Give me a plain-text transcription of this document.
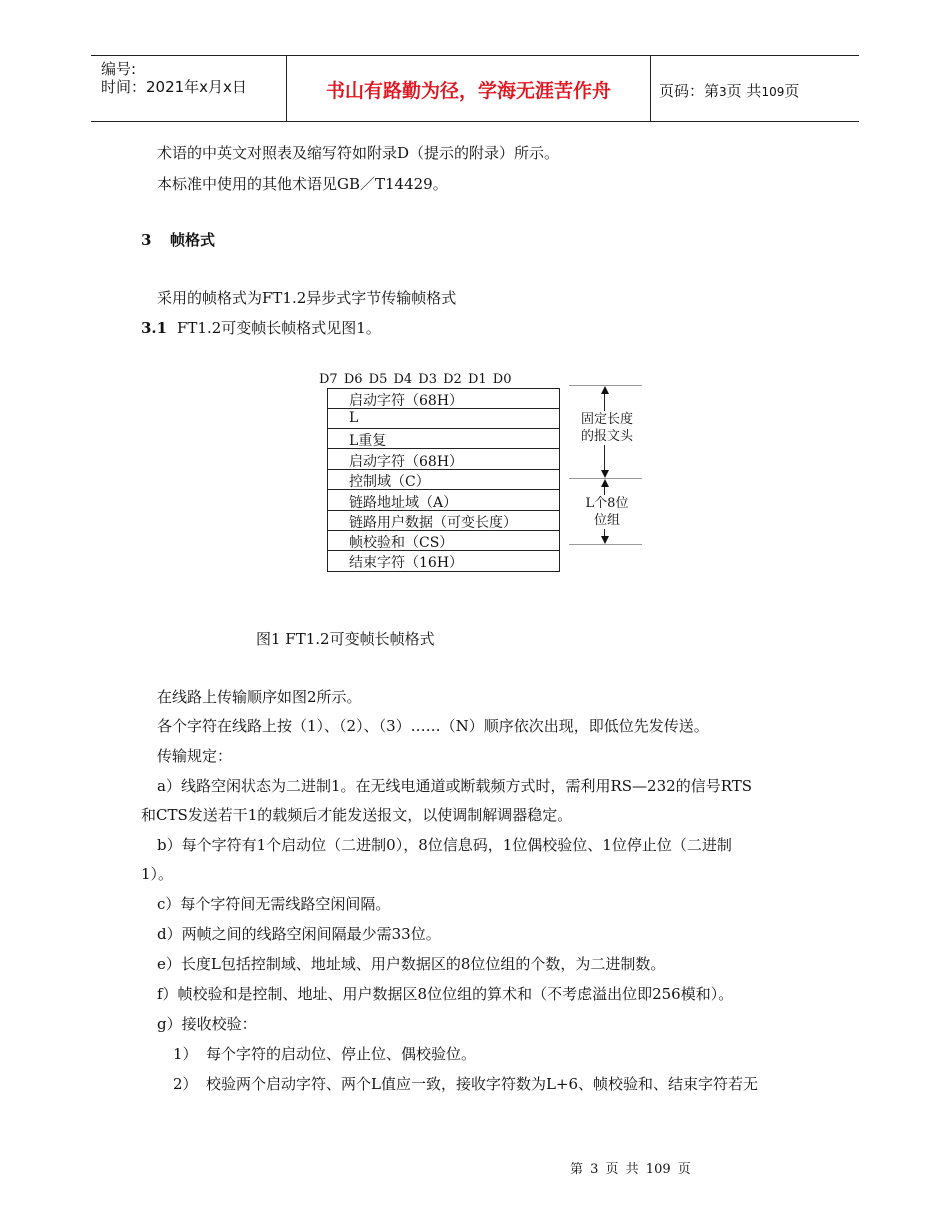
编号:
时间：2021年x月x日	书山有路勤为径，学海无涯苦作舟	页码：第3页 共109页
术语的中英文对照表及缩写符如附录D（提示的附录）所示。
本标准中使用的其他术语见GB／T14429。
3 帧格式
采用的帧格式为FT1.2异步式字节传输帧格式
3.1 FT1.2可变帧长帧格式见图1。
D7 D6 D5 D4 D3 D2 D1 D0
启动字符（68H）
L
L重复
启动字符（68H）
控制域（C）
链路地址域（A）
链路用户数据（可变长度）
帧校验和（CS）
结束字符（16H）
固定长度
的报文头
L个8位
位组
图1 FT1.2可变帧长帧格式
在线路上传输顺序如图2所示。
各个字符在线路上按（1）、（2）、（3）……（N）顺序依次出现，即低位先发传送。
传输规定：
a）线路空闲状态为二进制1。在无线电通道或断载频方式时，需利用RS—232的信号RTS
和CTS发送若干1的载频后才能发送报文，以使调制解调器稳定。
b）每个字符有1个启动位（二进制0），8位信息码，1位偶校验位、1位停止位（二进制
1）。
c）每个字符间无需线路空闲间隔。
d）两帧之间的线路空闲间隔最少需33位。
e）长度L包括控制域、地址域、用户数据区的8位位组的个数，为二进制数。
f）帧校验和是控制、地址、用户数据区8位位组的算术和（不考虑溢出位即256模和）。
g）接收校验：
1） 每个字符的启动位、停止位、偶校验位。
2） 校验两个启动字符、两个L值应一致，接收字符数为L+6、帧校验和、结束字符若无
第 3 页 共 109 页
